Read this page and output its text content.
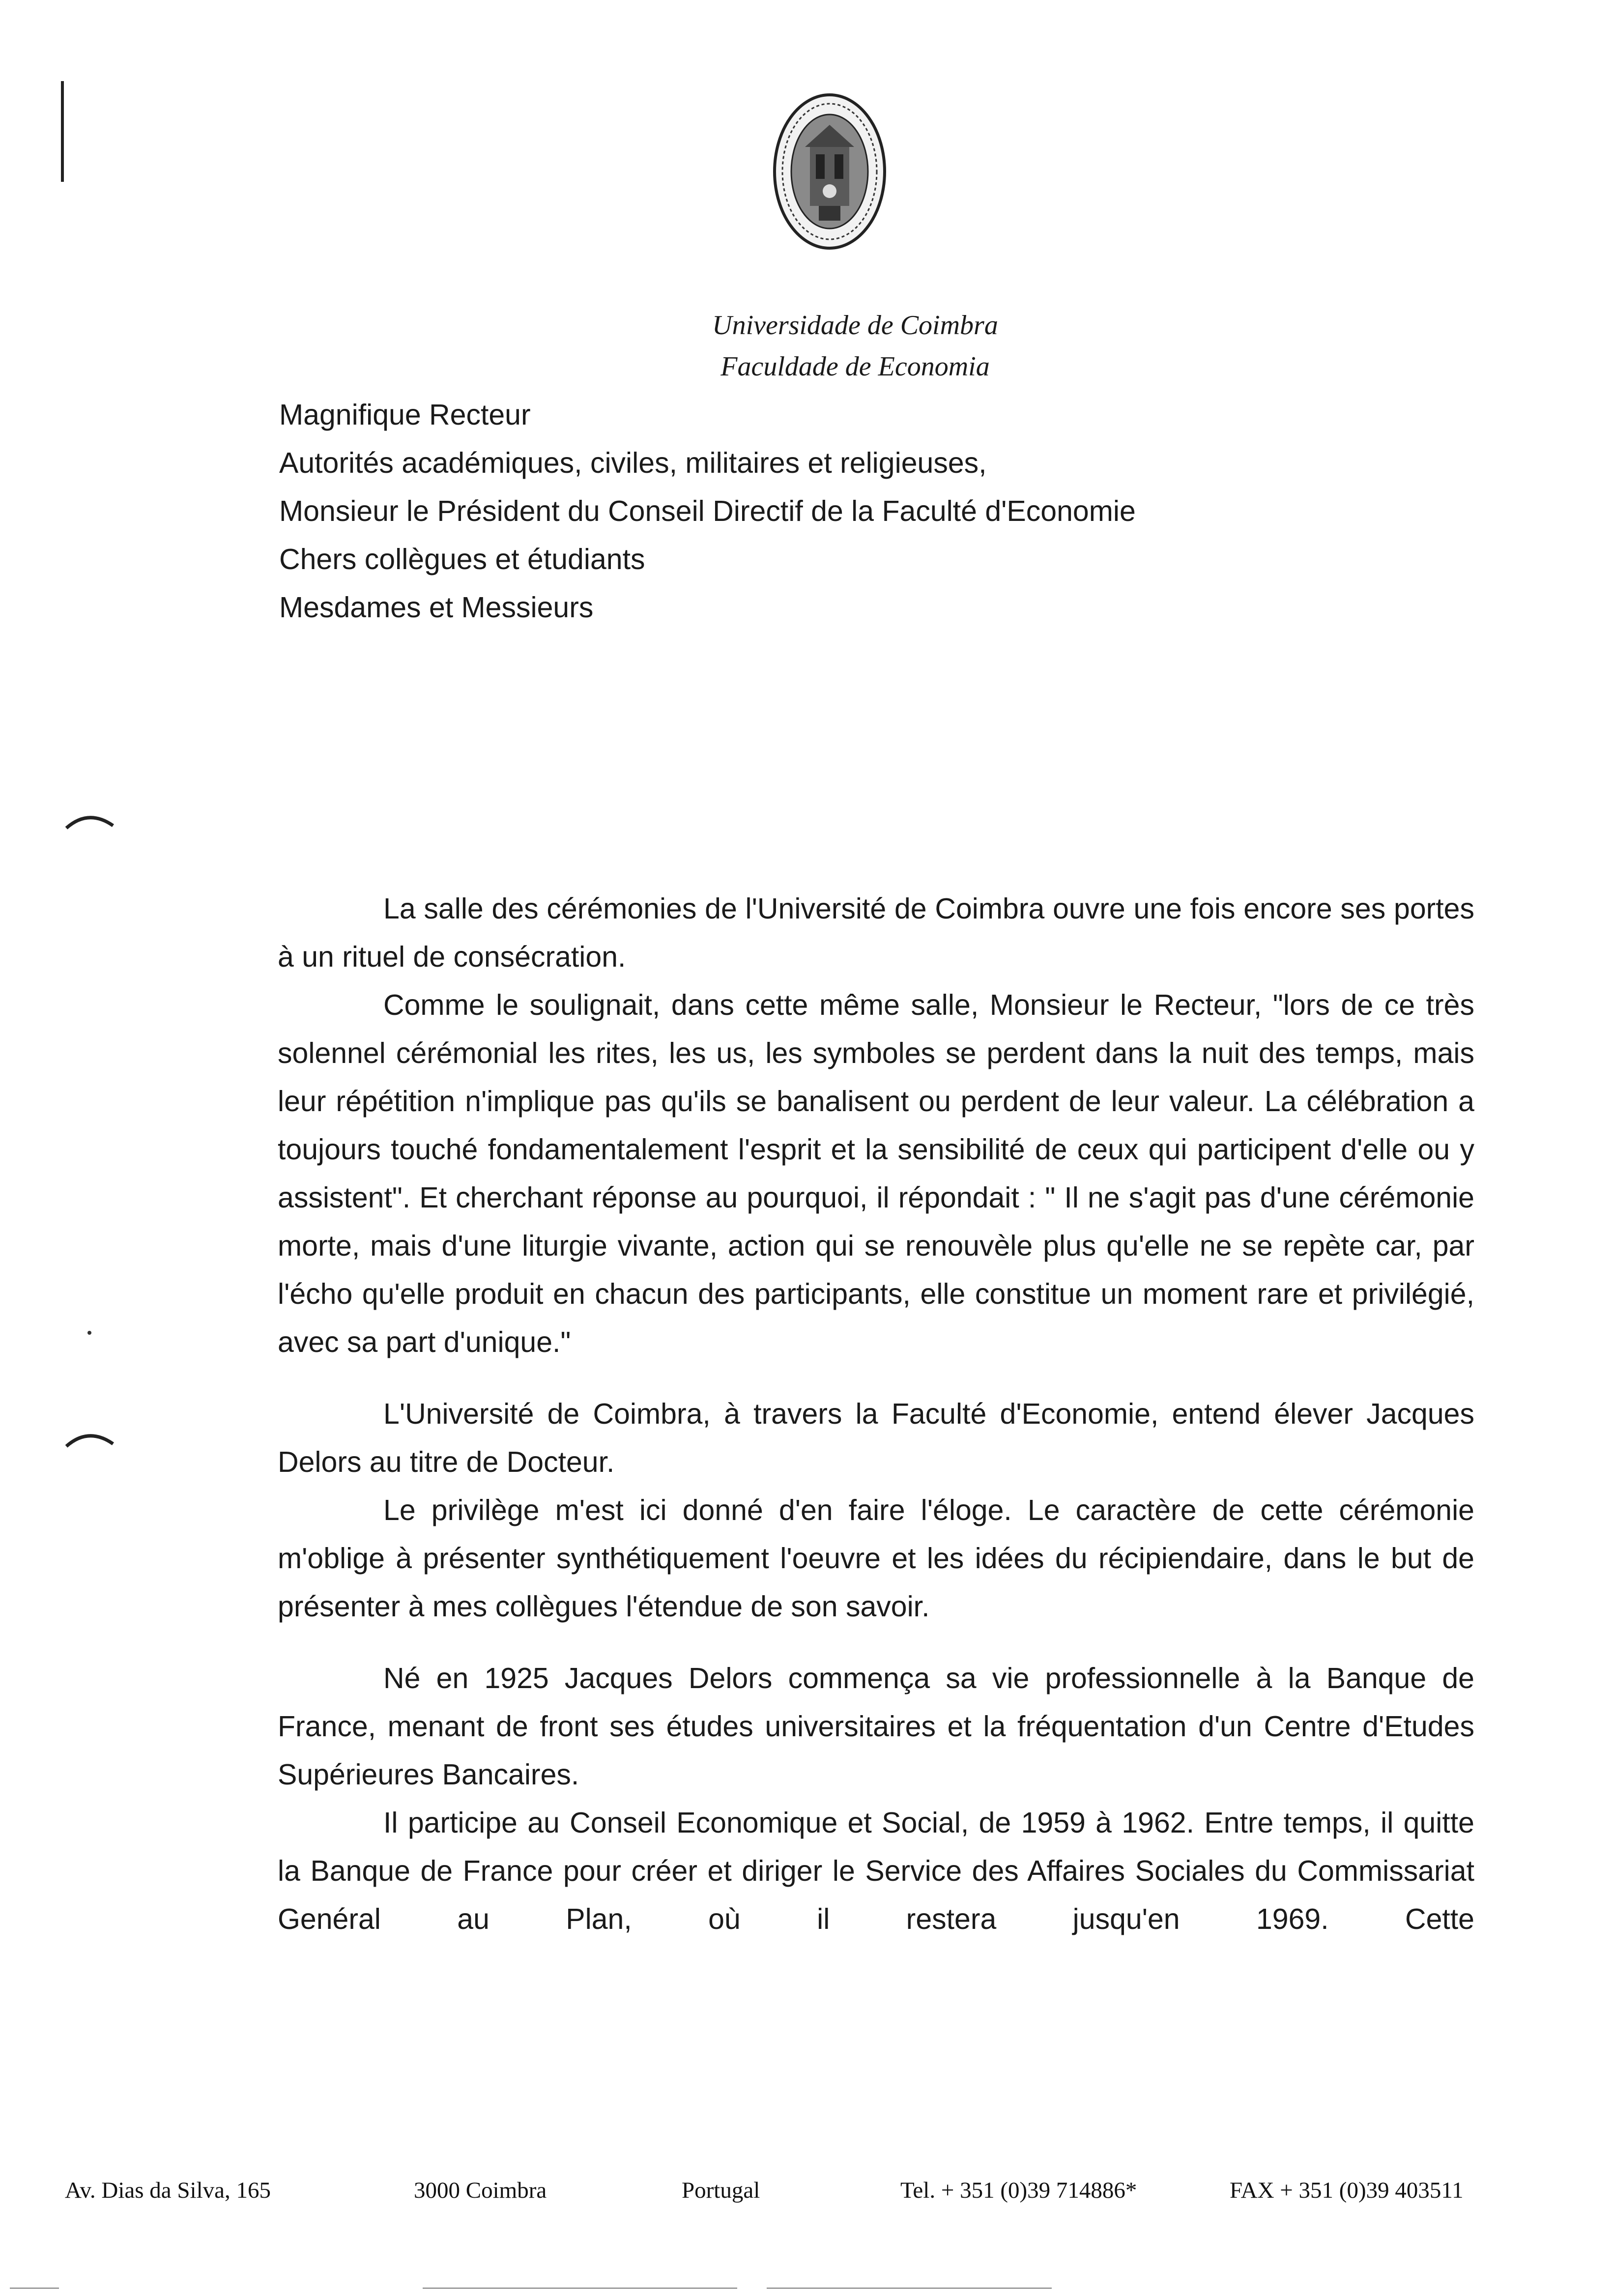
Universidade de Coimbra
Faculdade de Economia
Magnifique Recteur
Autorités académiques, civiles, militaires et religieuses,
Monsieur le Président du Conseil Directif de la Faculté d'Economie
Chers collègues et étudiants
Mesdames et Messieurs

La salle des cérémonies de l'Université de Coimbra ouvre une fois encore ses portes à un rituel de consécration.

Comme le soulignait, dans cette même salle, Monsieur le Recteur, "lors de ce très solennel cérémonial les rites, les us, les symboles se perdent dans la nuit des temps, mais leur répétition n'implique pas qu'ils se banalisent ou perdent de leur valeur. La célébration a toujours touché fondamentalement l'esprit et la sensibilité de ceux qui participent d'elle ou y assistent". Et cherchant réponse au pourquoi, il répondait : " Il ne s'agit pas d'une cérémonie morte, mais d'une liturgie vivante, action qui se renouvèle plus qu'elle ne se repète car, par l'écho qu'elle produit en chacun des participants, elle constitue un moment rare et privilégié, avec sa part d'unique."

L'Université de Coimbra, à travers la Faculté d'Economie, entend élever Jacques Delors au titre de Docteur.

Le privilège m'est ici donné d'en faire l'éloge. Le caractère de cette cérémonie m'oblige à présenter synthétiquement l'oeuvre et les idées du récipiendaire, dans le but de présenter à mes collègues l'étendue de son savoir.

Né en 1925 Jacques Delors commença sa vie professionnelle à la Banque de France, menant de front ses études universitaires et la fréquentation d'un Centre d'Etudes Supérieures Bancaires.

Il participe au Conseil Economique et Social, de 1959 à 1962. Entre temps, il quitte la Banque de France pour créer et diriger le Service des Affaires Sociales du Commissariat Genéral au Plan, où il restera jusqu'en 1969. Cette

Av. Dias da Silva, 165	3000 Coimbra	Portugal	Tel. + 351 (0)39 714886*	FAX + 351 (0)39 403511
